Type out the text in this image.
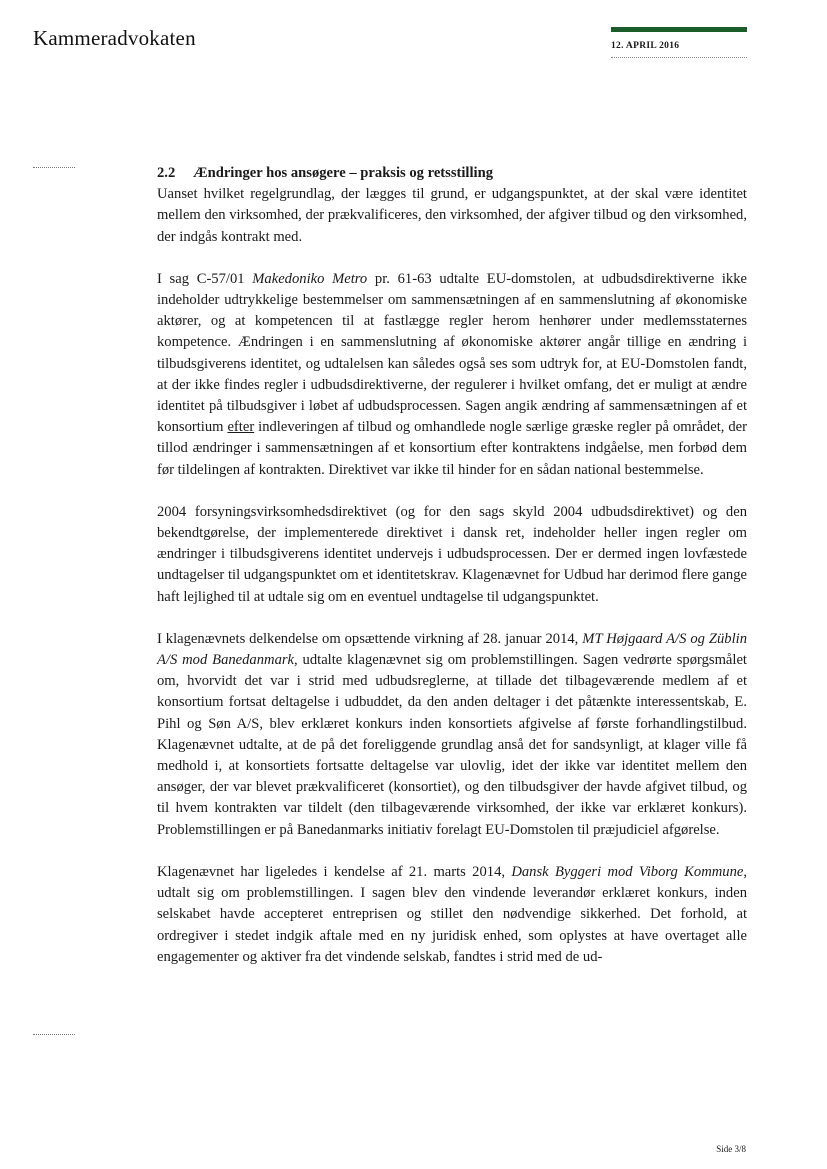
Kammeradvokaten	12. APRIL 2016
2.2	Ændringer hos ansøgere – praksis og retsstilling

Uanset hvilket regelgrundlag, der lægges til grund, er udgangspunktet, at der skal være identitet mellem den virksomhed, der prækvalificeres, den virksomhed, der afgiver tilbud og den virksomhed, der indgås kontrakt med.

I sag C-57/01 Makedoniko Metro pr. 61-63 udtalte EU-domstolen, at udbudsdirektiverne ikke indeholder udtrykkelige bestemmelser om sammensætningen af en sammenslutning af økonomiske aktører, og at kompetencen til at fastlægge regler herom henhører under medlemsstaternes kompetence. Ændringen i en sammenslutning af økonomiske aktører angår tillige en ændring i tilbudsgiverens identitet, og udtalelsen kan således også ses som udtryk for, at EU-Domstolen fandt, at der ikke findes regler i udbudsdirektiverne, der regulerer i hvilket omfang, det er muligt at ændre identitet på tilbudsgiver i løbet af udbudsprocessen. Sagen angik ændring af sammensætningen af et konsortium efter indleveringen af tilbud og omhandlede nogle særlige græske regler på området, der tillod ændringer i sammensætningen af et konsortium efter kontraktens indgåelse, men forbød dem før tildelingen af kontrakten. Direktivet var ikke til hinder for en sådan national bestemmelse.

2004 forsyningsvirksomhedsdirektivet (og for den sags skyld 2004 udbudsdirektivet) og den bekendtgørelse, der implementerede direktivet i dansk ret, indeholder heller ingen regler om ændringer i tilbudsgiverens identitet undervejs i udbudsprocessen. Der er dermed ingen lovfæstede undtagelser til udgangspunktet om et identitetskrav. Klagenævnet for Udbud har derimod flere gange haft lejlighed til at udtale sig om en eventuel undtagelse til udgangspunktet.

I klagenævnets delkendelse om opsættende virkning af 28. januar 2014, MT Højgaard A/S og Züblin A/S mod Banedanmark, udtalte klagenævnet sig om problemstillingen. Sagen vedrørte spørgsmålet om, hvorvidt det var i strid med udbudsreglerne, at tillade det tilbageværende medlem af et konsortium fortsat deltagelse i udbuddet, da den anden deltager i det påtænkte interessentskab, E. Pihl og Søn A/S, blev erklæret konkurs inden konsortiets afgivelse af første forhandlingstilbud. Klagenævnet udtalte, at de på det foreliggende grundlag anså det for sandsynligt, at klager ville få medhold i, at konsortiets fortsatte deltagelse var ulovlig, idet der ikke var identitet mellem den ansøger, der var blevet prækvalificeret (konsortiet), og den tilbudsgiver der havde afgivet tilbud, og til hvem kontrakten var tildelt (den tilbageværende virksomhed, der ikke var erklæret konkurs). Problemstillingen er på Banedanmarks initiativ forelagt EU-Domstolen til præjudiciel afgørelse.

Klagenævnet har ligeledes i kendelse af 21. marts 2014, Dansk Byggeri mod Viborg Kommune, udtalt sig om problemstillingen. I sagen blev den vindende leverandør erklæret konkurs, inden selskabet havde accepteret entreprisen og stillet den nødvendige sikkerhed. Det forhold, at ordregiver i stedet indgik aftale med en ny juridisk enhed, som oplystes at have overtaget alle engagementer og aktiver fra det vindende selskab, fandtes i strid med de ud-

Side 3/8
